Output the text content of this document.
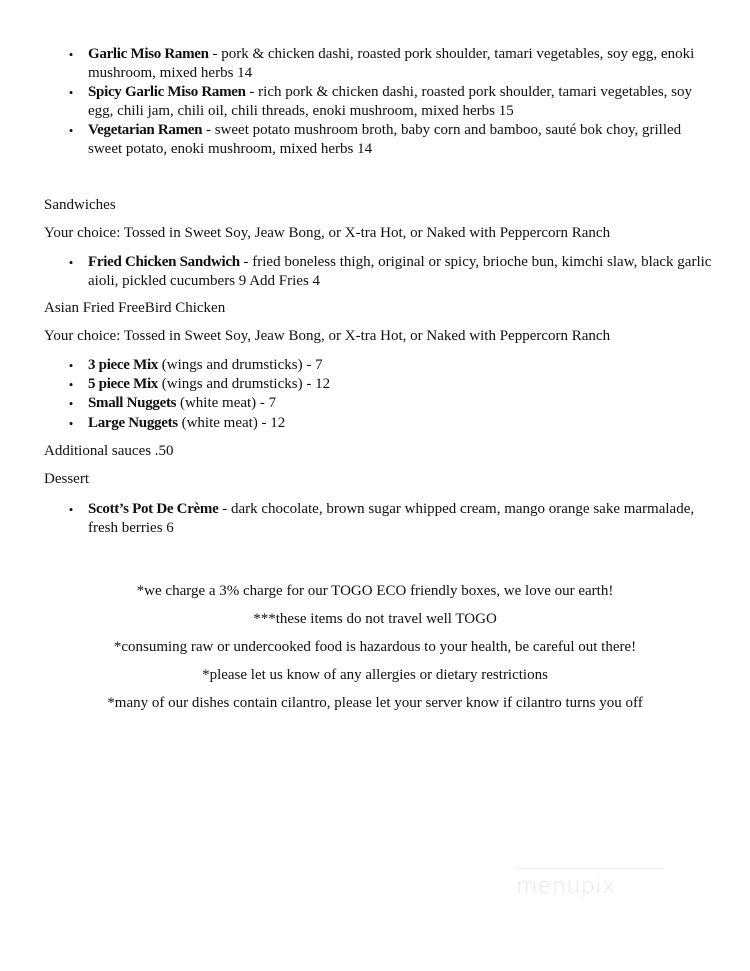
• Garlic Miso Ramen - pork & chicken dashi, roasted pork shoulder, tamari vegetables, soy egg, enoki mushroom, mixed herbs 14
• Spicy Garlic Miso Ramen - rich pork & chicken dashi, roasted pork shoulder, tamari vegetables, soy egg, chili jam, chili oil, chili threads, enoki mushroom, mixed herbs 15
• Vegetarian Ramen - sweet potato mushroom broth, baby corn and bamboo, sauté bok choy, grilled sweet potato, enoki mushroom, mixed herbs 14
Sandwiches
Your choice: Tossed in Sweet Soy, Jeaw Bong, or X-tra Hot, or Naked with Peppercorn Ranch
• Fried Chicken Sandwich - fried boneless thigh, original or spicy, brioche bun, kimchi slaw, black garlic aioli, pickled cucumbers 9 Add Fries 4
Asian Fried FreeBird Chicken
Your choice: Tossed in Sweet Soy, Jeaw Bong, or X-tra Hot, or Naked with Peppercorn Ranch
• 3 piece Mix (wings and drumsticks) - 7
• 5 piece Mix (wings and drumsticks) - 12
• Small Nuggets (white meat) - 7
• Large Nuggets (white meat) - 12
Additional sauces .50
Dessert
• Scott’s Pot De Crème - dark chocolate, brown sugar whipped cream, mango orange sake marmalade, fresh berries 6
*we charge a 3% charge for our TOGO ECO friendly boxes, we love our earth!
***these items do not travel well TOGO
*consuming raw or undercooked food is hazardous to your health, be careful out there!
*please let us know of any allergies or dietary restrictions
*many of our dishes contain cilantro, please let your server know if cilantro turns you off
menupix
